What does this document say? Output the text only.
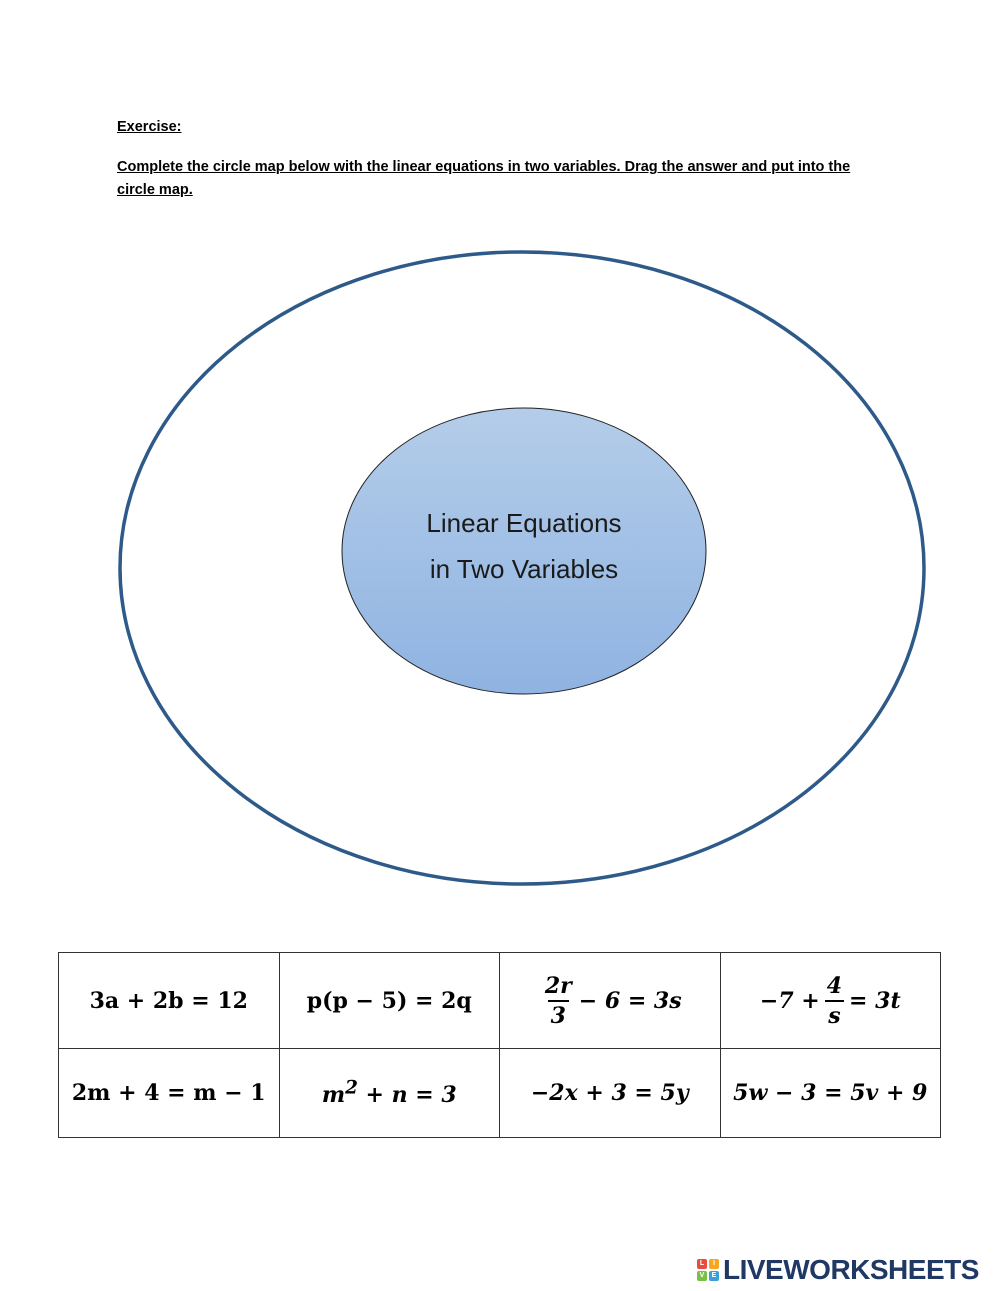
Exercise:
Complete the circle map below with the linear equations in two variables. Drag the answer and put into the circle map.
Linear Equations
in Two Variables
3a + 2b = 12	p(p − 5) = 2q	$\frac{2r}{3} - 6 = 3s$	$-7 + \frac{4}{s} = 3t$

2m + 4 = m − 1	$m^2 + n = 3$	−2x + 3 = 5y	5w − 3 = 5v + 9
L	I
V	E LIVEWORKSHEETS
